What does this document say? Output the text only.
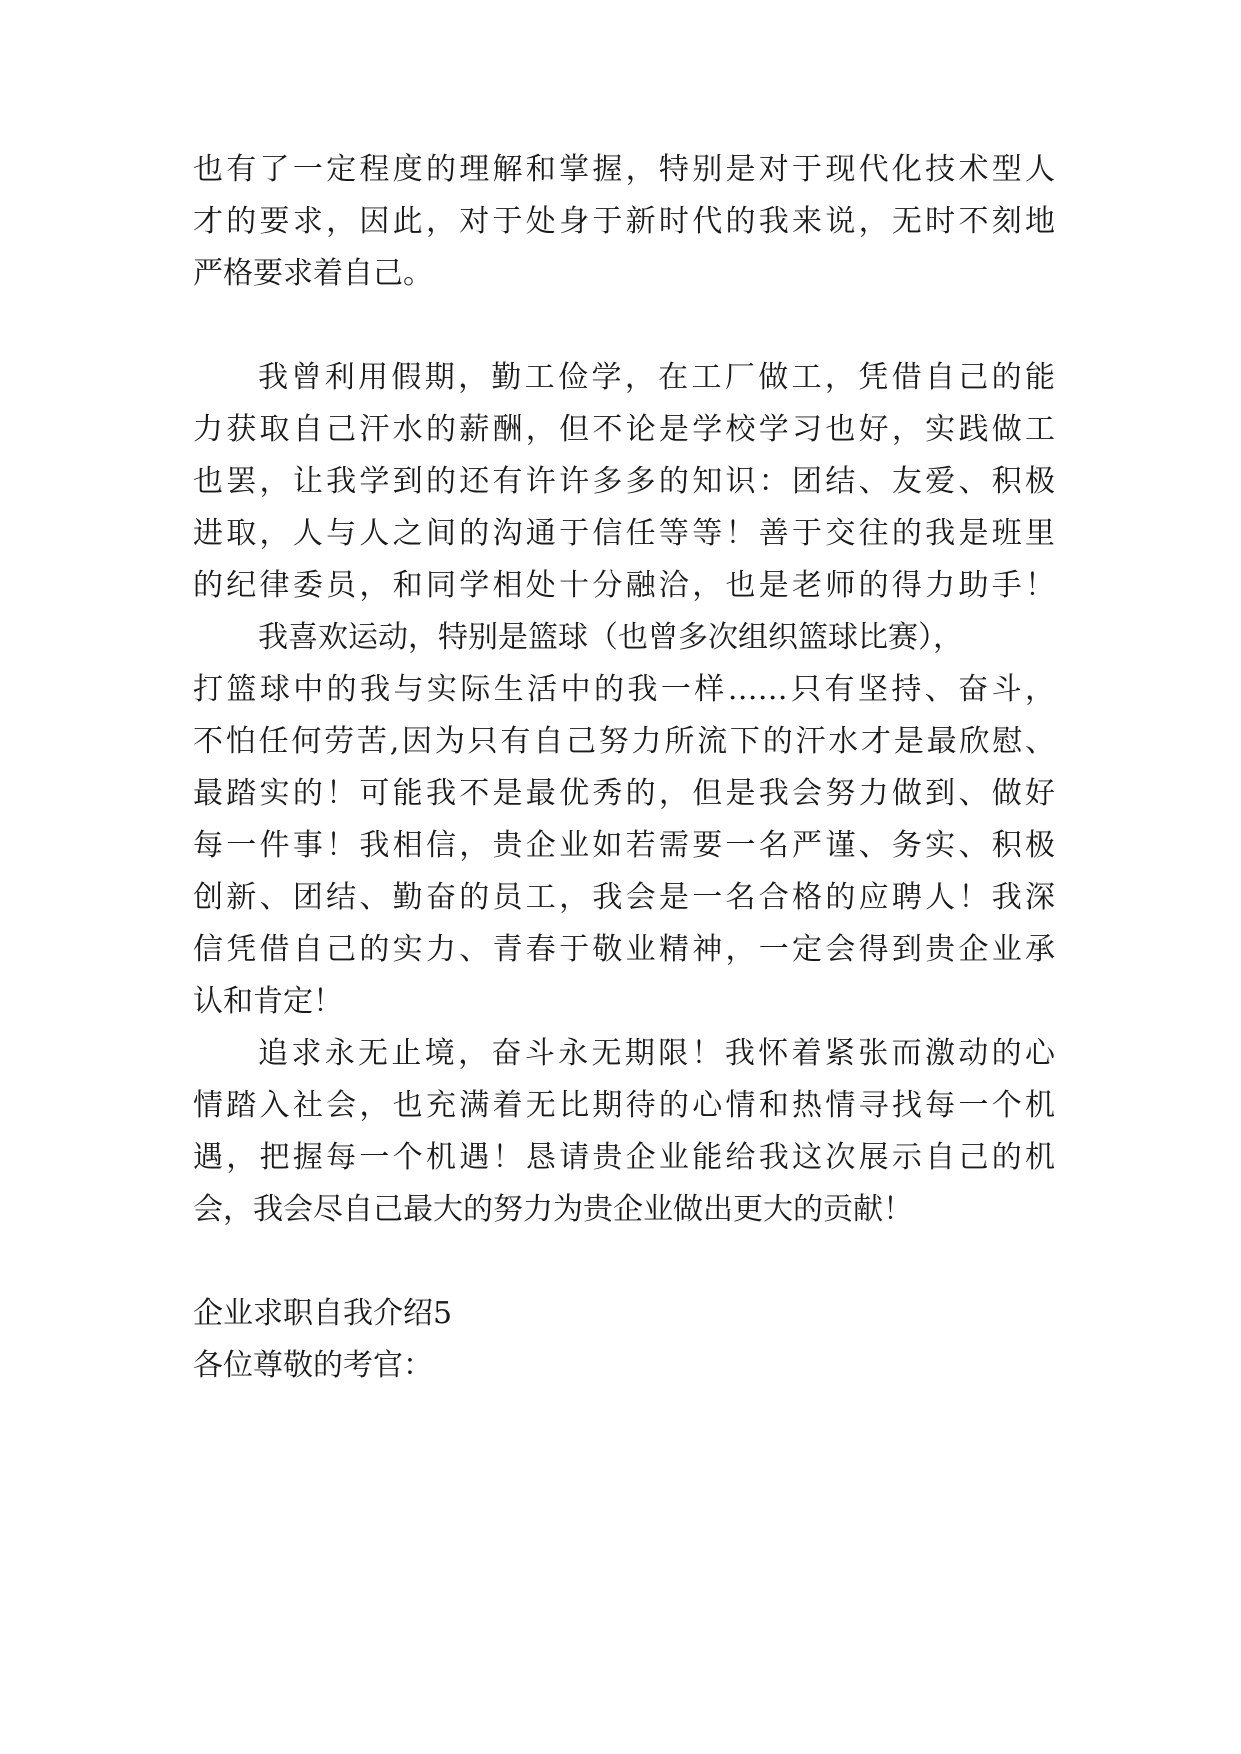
也有了一定程度的理解和掌握，特别是对于现代化技术型人

才的要求，因此，对于处身于新时代的我来说，无时不刻地

严格要求着自己。

我曾利用假期，勤工俭学，在工厂做工，凭借自己的能

力获取自己汗水的薪酬，但不论是学校学习也好，实践做工

也罢，让我学到的还有许许多多的知识：团结、友爱、积极

进取，人与人之间的沟通于信任等等！善于交往的我是班里

的纪律委员，和同学相处十分融洽，也是老师的得力助手！

我喜欢运动，特别是篮球（也曾多次组织篮球比赛），

打篮球中的我与实际生活中的我一样……只有坚持、奋斗，

不怕任何劳苦,因为只有自己努力所流下的汗水才是最欣慰、

最踏实的！可能我不是最优秀的，但是我会努力做到、做好

每一件事！我相信，贵企业如若需要一名严谨、务实、积极

创新、团结、勤奋的员工，我会是一名合格的应聘人！我深

信凭借自己的实力、青春于敬业精神，一定会得到贵企业承

认和肯定！

追求永无止境，奋斗永无期限！我怀着紧张而激动的心

情踏入社会，也充满着无比期待的心情和热情寻找每一个机

遇，把握每一个机遇！恳请贵企业能给我这次展示自己的机

会，我会尽自己最大的努力为贵企业做出更大的贡献！

企业求职自我介绍5

各位尊敬的考官：
